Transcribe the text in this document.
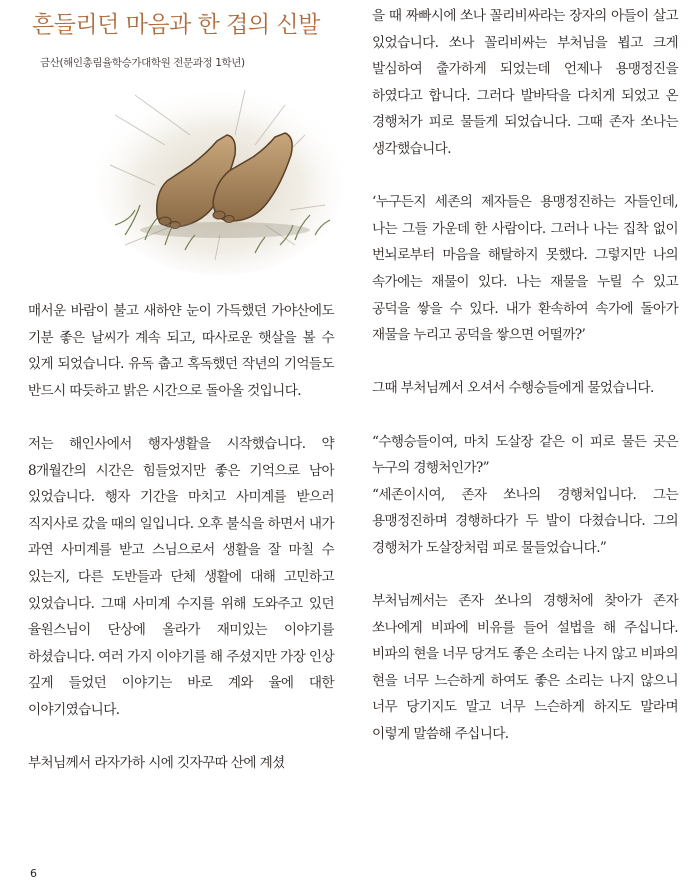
흔들리던 마음과 한 겹의 신발
금산(해인총림율학승가대학원 전문과정 1학년)

매서운 바람이 불고 새하얀 눈이 가득했던 가야산에도 기분 좋은 날씨가 계속 되고, 따사로운 햇살을 볼 수 있게 되었습니다. 유독 춥고 혹독했던 작년의 기억들도 반드시 따듯하고 밝은 시간으로 돌아올 것입니다.

저는 해인사에서 행자생활을 시작했습니다. 약 8개월간의 시간은 힘들었지만 좋은 기억으로 남아 있었습니다. 행자 기간을 마치고 사미계를 받으러 직지사로 갔을 때의 일입니다. 오후 불식을 하면서 내가 과연 사미계를 받고 스님으로서 생활을 잘 마칠 수 있는지, 다른 도반들과 단체 생활에 대해 고민하고 있었습니다. 그때 사미계 수지를 위해 도와주고 있던 율원스님이 단상에 올라가 재미있는 이야기를 하셨습니다. 여러 가지 이야기를 해 주셨지만 가장 인상 깊게 들었던 이야기는 바로 계와 율에 대한 이야기였습니다.

부처님께서 라자가하 시에 깃자꾸따 산에 계셨

을 때 짜빠시에 쏘나 꼴리비싸라는 장자의 아들이 살고 있었습니다. 쏘나 꼴리비싸는 부처님을 뵙고 크게 발심하여 출가하게 되었는데 언제나 용맹정진을 하였다고 합니다. 그러다 발바닥을 다치게 되었고 온 경행처가 피로 물들게 되었습니다. 그때 존자 쏘나는 생각했습니다.

‘누구든지 세존의 제자들은 용맹정진하는 자들인데, 나는 그들 가운데 한 사람이다. 그러나 나는 집착 없이 번뇌로부터 마음을 해탈하지 못했다. 그렇지만 나의 속가에는 재물이 있다. 나는 재물을 누릴 수 있고 공덕을 쌓을 수 있다. 내가 환속하여 속가에 돌아가 재물을 누리고 공덕을 쌓으면 어떨까?’

그때 부처님께서 오셔서 수행승들에게 물었습니다.

“수행승들이여, 마치 도살장 같은 이 피로 물든 곳은 누구의 경행처인가?”

“세존이시여, 존자 쏘나의 경행처입니다. 그는 용맹정진하며 경행하다가 두 발이 다쳤습니다. 그의 경행처가 도살장처럼 피로 물들었습니다.”

부처님께서는 존자 쏘나의 경행처에 찾아가 존자 쏘나에게 비파에 비유를 들어 설법을 해 주십니다. 비파의 현을 너무 당겨도 좋은 소리는 나지 않고 비파의 현을 너무 느슨하게 하여도 좋은 소리는 나지 않으니 너무 당기지도 말고 너무 느슨하게 하지도 말라며 이렇게 말씀해 주십니다.

6
